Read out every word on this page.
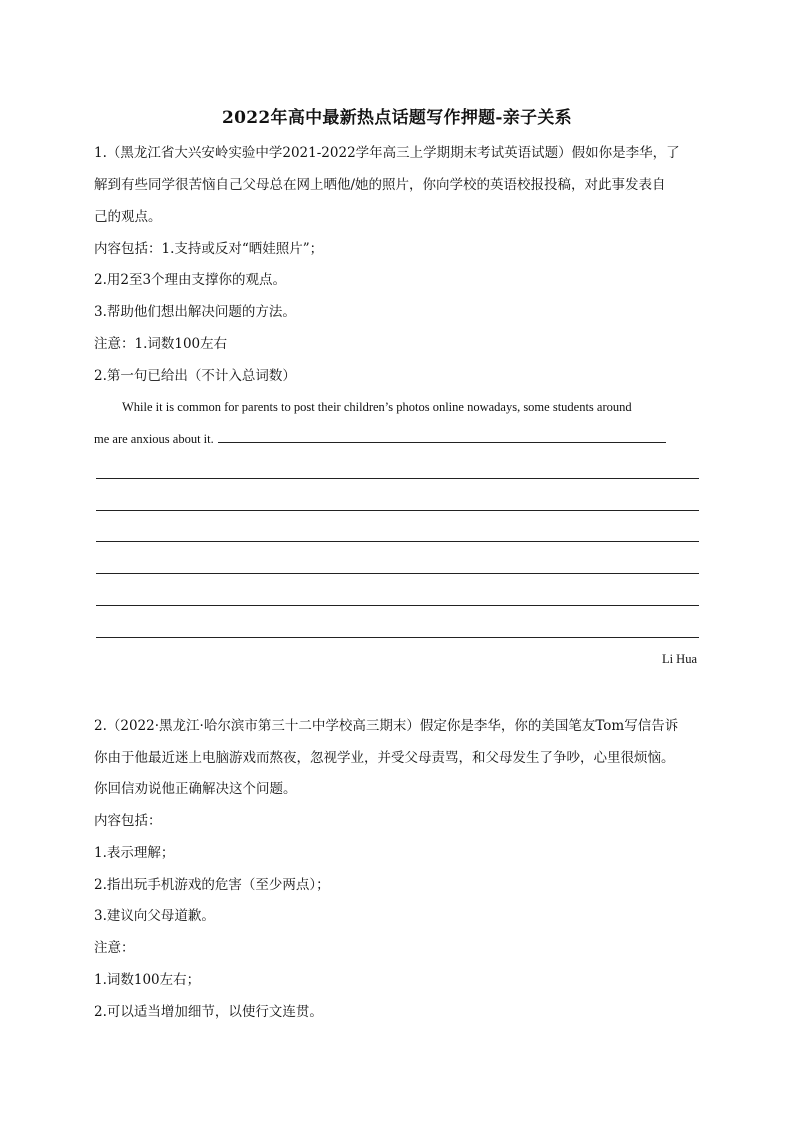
2022年高中最新热点话题写作押题-亲子关系
1.（黑龙江省大兴安岭实验中学2021-2022学年高三上学期期末考试英语试题）假如你是李华，了
解到有些同学很苦恼自己父母总在网上晒他/她的照片，你向学校的英语校报投稿，对此事发表自
己的观点。
内容包括：1.支持或反对“晒娃照片”；
2.用2至3个理由支撑你的观点。
3.帮助他们想出解决问题的方法。
注意：1.词数100左右
2.第一句已给出（不计入总词数）
While it is common for parents to post their children’s photos online nowadays, some students around
me are anxious about it.
Li Hua
2.（2022·黑龙江·哈尔滨市第三十二中学校高三期末）假定你是李华，你的美国笔友Tom写信告诉
你由于他最近迷上电脑游戏而熬夜，忽视学业，并受父母责骂，和父母发生了争吵，心里很烦恼。
你回信劝说他正确解决这个问题。
内容包括：
1.表示理解；
2.指出玩手机游戏的危害（至少两点）；
3.建议向父母道歉。
注意：
1.词数100左右；
2.可以适当增加细节，以使行文连贯。
